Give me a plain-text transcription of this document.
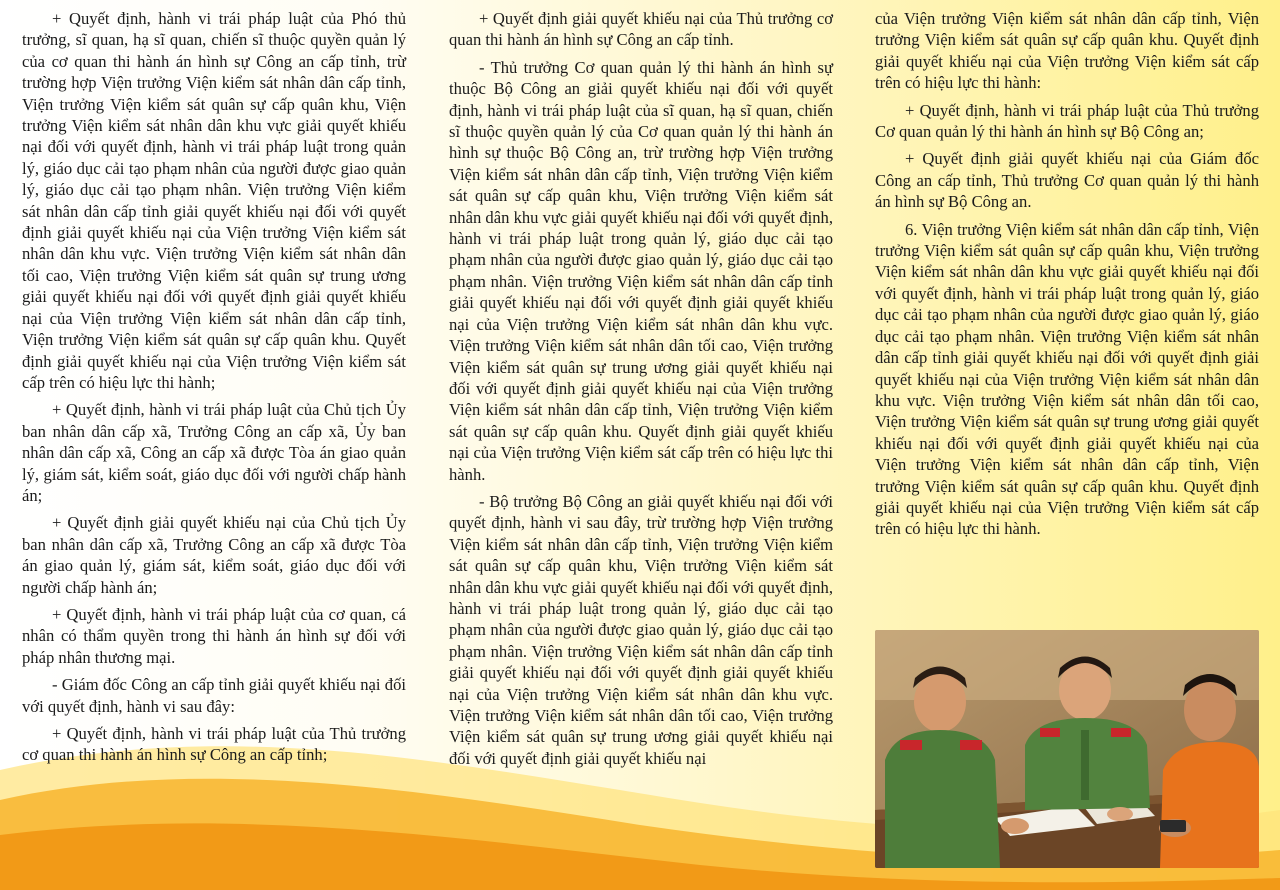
+ Quyết định, hành vi trái pháp luật của Phó thủ trưởng, sĩ quan, hạ sĩ quan, chiến sĩ thuộc quyền quản lý của cơ quan thi hành án hình sự Công an cấp tỉnh, trừ trường hợp Viện trưởng Viện kiểm sát nhân dân cấp tỉnh, Viện trưởng Viện kiểm sát quân sự cấp quân khu, Viện trưởng Viện kiểm sát nhân dân khu vực giải quyết khiếu nại đối với quyết định, hành vi trái pháp luật trong quản lý, giáo dục cải tạo phạm nhân của người được giao quản lý, giáo dục cải tạo phạm nhân. Viện trưởng Viện kiểm sát nhân dân cấp tỉnh giải quyết khiếu nại đối với quyết định giải quyết khiếu nại của Viện trưởng Viện kiểm sát nhân dân khu vực. Viện trưởng Viện kiểm sát nhân dân tối cao, Viện trưởng Viện kiểm sát quân sự trung ương giải quyết khiếu nại đối với quyết định giải quyết khiếu nại của Viện trưởng Viện kiểm sát nhân dân cấp tỉnh, Viện trưởng Viện kiểm sát quân sự cấp quân khu. Quyết định giải quyết khiếu nại của Viện trưởng Viện kiểm sát cấp trên có hiệu lực thi hành;

+ Quyết định, hành vi trái pháp luật của Chủ tịch Ủy ban nhân dân cấp xã, Trưởng Công an cấp xã, Ủy ban nhân dân cấp xã, Công an cấp xã được Tòa án giao quản lý, giám sát, kiểm soát, giáo dục đối với người chấp hành án;

+ Quyết định giải quyết khiếu nại của Chủ tịch Ủy ban nhân dân cấp xã, Trưởng Công an cấp xã được Tòa án giao quản lý, giám sát, kiểm soát, giáo dục đối với người chấp hành án;

+ Quyết định, hành vi trái pháp luật của cơ quan, cá nhân có thẩm quyền trong thi hành án hình sự đối với pháp nhân thương mại.

- Giám đốc Công an cấp tỉnh giải quyết khiếu nại đối với quyết định, hành vi sau đây:

+ Quyết định, hành vi trái pháp luật của Thủ trưởng cơ quan thi hành án hình sự Công an cấp tỉnh;

+ Quyết định giải quyết khiếu nại của Thủ trưởng cơ quan thi hành án hình sự Công an cấp tỉnh.

- Thủ trưởng Cơ quan quản lý thi hành án hình sự thuộc Bộ Công an giải quyết khiếu nại đối với quyết định, hành vi trái pháp luật của sĩ quan, hạ sĩ quan, chiến sĩ thuộc quyền quản lý của Cơ quan quản lý thi hành án hình sự thuộc Bộ Công an, trừ trường hợp Viện trưởng Viện kiểm sát nhân dân cấp tỉnh, Viện trưởng Viện kiểm sát quân sự cấp quân khu, Viện trưởng Viện kiểm sát nhân dân khu vực giải quyết khiếu nại đối với quyết định, hành vi trái pháp luật trong quản lý, giáo dục cải tạo phạm nhân của người được giao quản lý, giáo dục cải tạo phạm nhân. Viện trưởng Viện kiểm sát nhân dân cấp tỉnh giải quyết khiếu nại đối với quyết định giải quyết khiếu nại của Viện trưởng Viện kiểm sát nhân dân khu vực. Viện trưởng Viện kiểm sát nhân dân tối cao, Viện trưởng Viện kiểm sát quân sự trung ương giải quyết khiếu nại đối với quyết định giải quyết khiếu nại của Viện trưởng Viện kiểm sát nhân dân cấp tỉnh, Viện trưởng Viện kiểm sát quân sự cấp quân khu. Quyết định giải quyết khiếu nại của Viện trưởng Viện kiểm sát cấp trên có hiệu lực thi hành.

- Bộ trưởng Bộ Công an giải quyết khiếu nại đối với quyết định, hành vi sau đây, trừ trường hợp Viện trưởng Viện kiểm sát nhân dân cấp tỉnh, Viện trưởng Viện kiểm sát quân sự cấp quân khu, Viện trưởng Viện kiểm sát nhân dân khu vực giải quyết khiếu nại đối với quyết định, hành vi trái pháp luật trong quản lý, giáo dục cải tạo phạm nhân của người được giao quản lý, giáo dục cải tạo phạm nhân. Viện trưởng Viện kiểm sát nhân dân cấp tỉnh giải quyết khiếu nại đối với quyết định giải quyết khiếu nại của Viện trưởng Viện kiểm sát nhân dân khu vực. Viện trưởng Viện kiểm sát nhân dân tối cao, Viện trưởng Viện kiểm sát quân sự trung ương giải quyết khiếu nại đối với quyết định giải quyết khiếu nại

của Viện trưởng Viện kiểm sát nhân dân cấp tỉnh, Viện trưởng Viện kiểm sát quân sự cấp quân khu. Quyết định giải quyết khiếu nại của Viện trưởng Viện kiểm sát cấp trên có hiệu lực thi hành:

+ Quyết định, hành vi trái pháp luật của Thủ trưởng Cơ quan quản lý thi hành án hình sự Bộ Công an;

+ Quyết định giải quyết khiếu nại của Giám đốc Công an cấp tỉnh, Thủ trưởng Cơ quan quản lý thi hành án hình sự Bộ Công an.

6. Viện trưởng Viện kiểm sát nhân dân cấp tỉnh, Viện trưởng Viện kiểm sát quân sự cấp quân khu, Viện trưởng Viện kiểm sát nhân dân khu vực giải quyết khiếu nại đối với quyết định, hành vi trái pháp luật trong quản lý, giáo dục cải tạo phạm nhân của người được giao quản lý, giáo dục cải tạo phạm nhân. Viện trưởng Viện kiểm sát nhân dân cấp tỉnh giải quyết khiếu nại đối với quyết định giải quyết khiếu nại của Viện trưởng Viện kiểm sát nhân dân khu vực. Viện trưởng Viện kiểm sát nhân dân tối cao, Viện trưởng Viện kiểm sát quân sự trung ương giải quyết khiếu nại đối với quyết định giải quyết khiếu nại của Viện trưởng Viện kiểm sát nhân dân cấp tỉnh, Viện trưởng Viện kiểm sát quân sự cấp quân khu. Quyết định giải quyết khiếu nại của Viện trưởng Viện kiểm sát cấp trên có hiệu lực thi hành.
